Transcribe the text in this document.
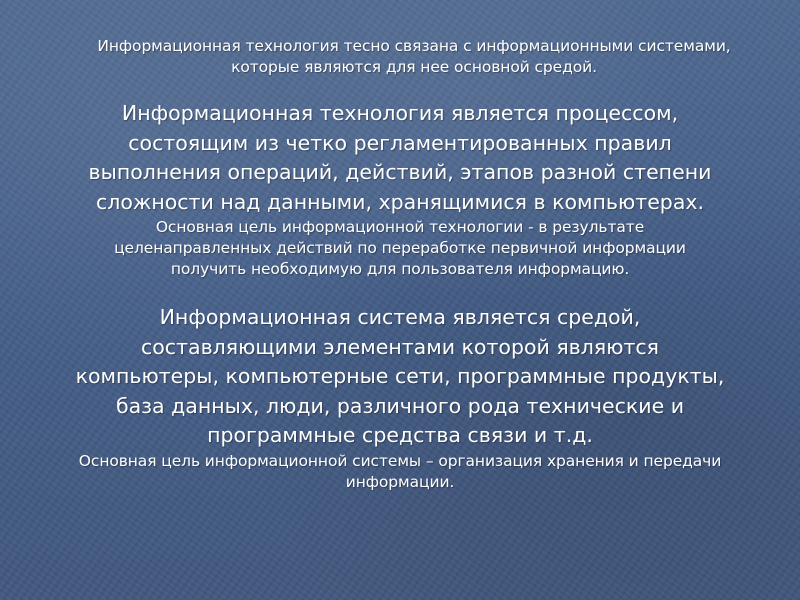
Информационная технология тесно связана с информационными системами,

которые являются для нее основной средой.

Информационная технология является процессом,

состоящим из четко регламентированных правил

выполнения операций, действий, этапов разной степени

сложности над данными, хранящимися в компьютерах.

Основная цель информационной технологии - в результате

целенаправленных действий по переработке первичной информации

получить необходимую для пользователя информацию.

Информационная система является средой,

составляющими элементами которой являются

компьютеры, компьютерные сети, программные продукты,

база данных, люди, различного рода технические и

программные средства связи и т.д.

Основная цель информационной системы – организация хранения и передачи

информации.
